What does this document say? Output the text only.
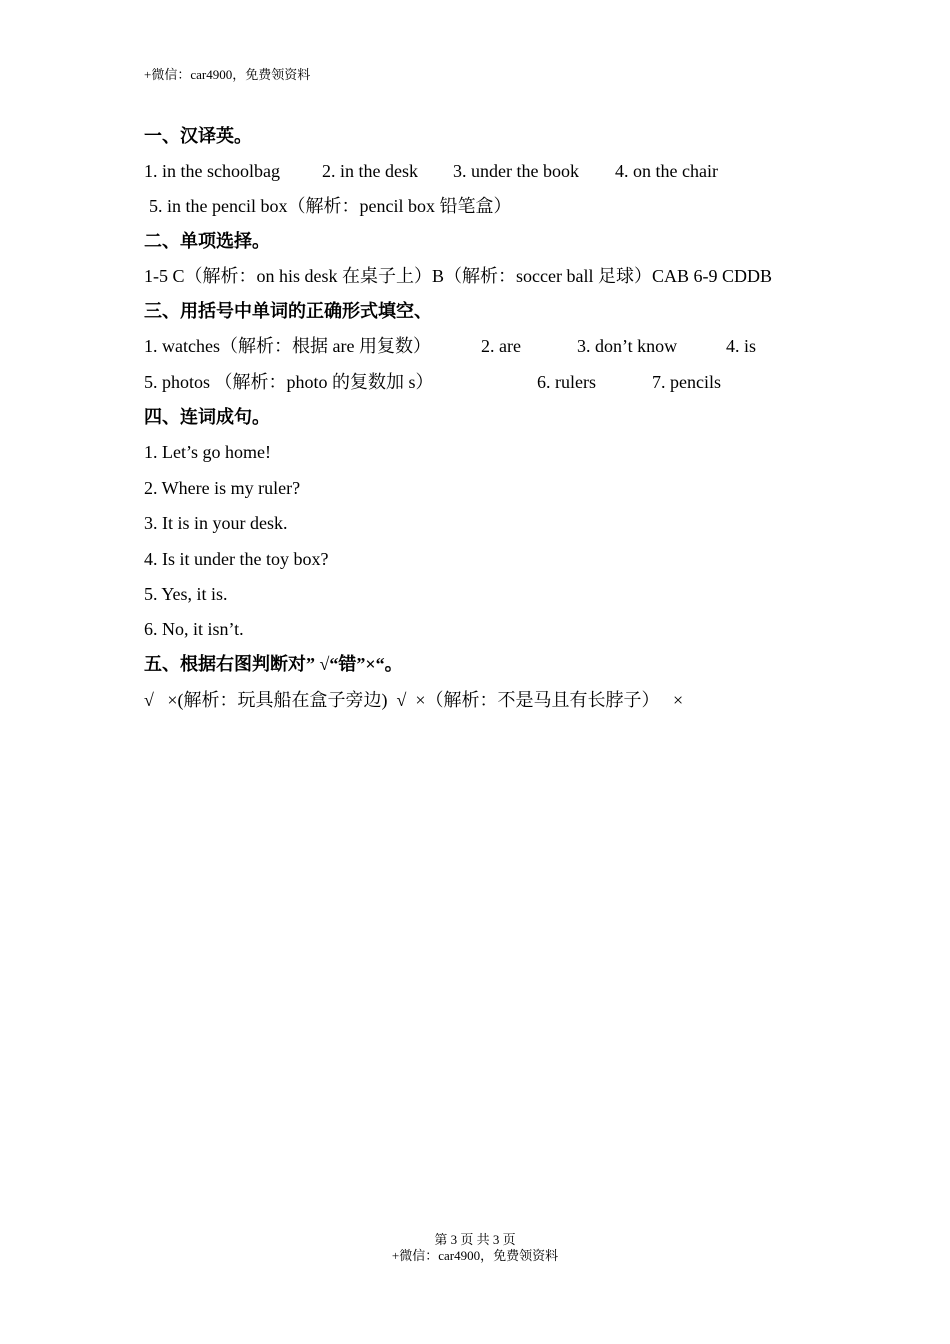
+微信：car4900，免费领资料
一、汉译英。
1. in the schoolbag 2. in the desk 3. under the book 4. on the chair
5. in the pencil box（解析：pencil box 铅笔盒）
二、单项选择。
1-5 C（解析：on his desk 在桌子上）B（解析：soccer ball 足球）CAB 6-9 CDDB
三、用括号中单词的正确形式填空、
1. watches（解析：根据 are 用复数）	2. are	3. don’t know	4. is
5. photos （解析：photo 的复数加 s）	6. rulers	7. pencils
四、连词成句。
1. Let’s go home!
2. Where is my ruler?
3. It is in your desk.
4. Is it under the toy box?
5. Yes, it is.
6. No, it isn’t.
五、根据右图判断对” √“错”×“。
√   ×(解析：玩具船在盒子旁边)  √  ×（解析：不是马且有长脖子）   ×
第 3 页 共 3 页
+微信：car4900，免费领资料
